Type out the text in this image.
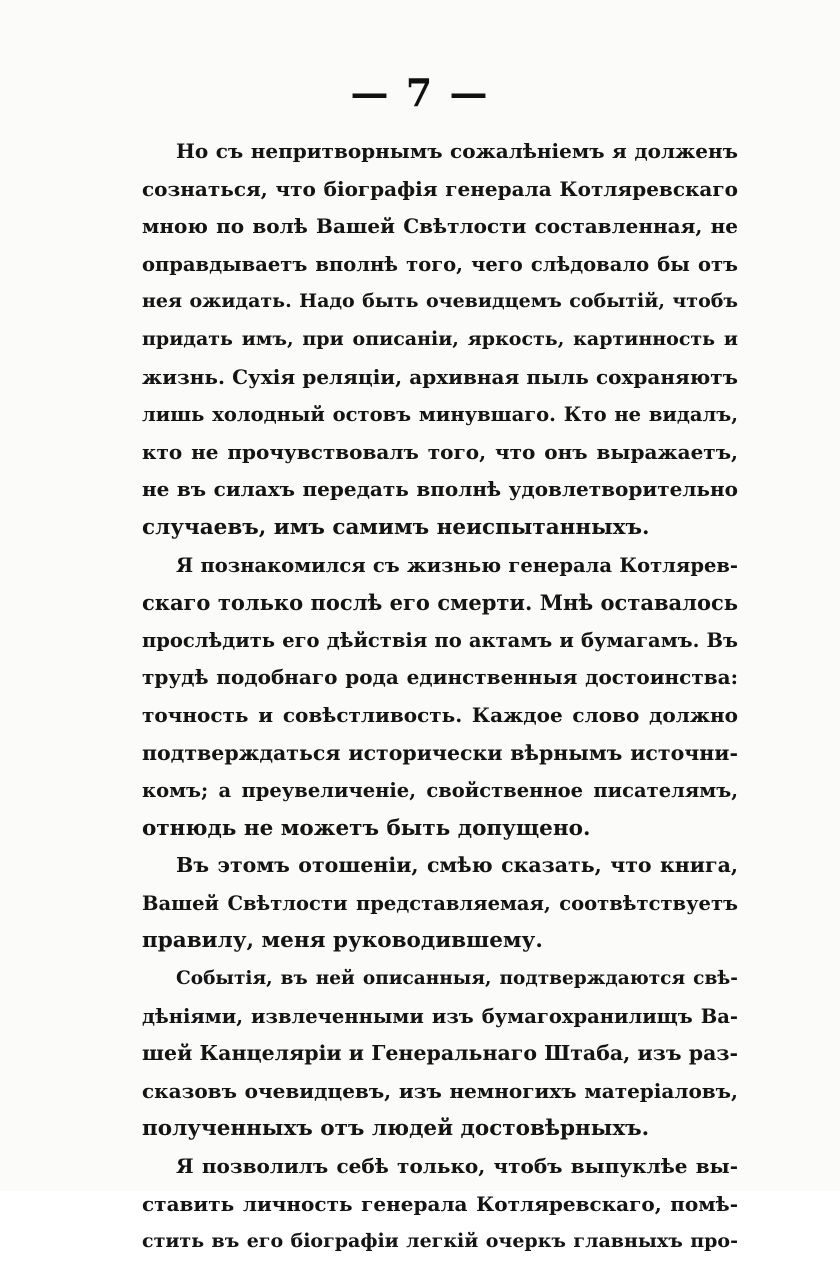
— 7 —
Но съ непритворнымъ сожалѣніемъ я долженъ
сознаться, что біографія генерала Котляревскаго
мною по волѣ Вашей Свѣтлости составленная, не
оправдываетъ вполнѣ того, чего слѣдовало бы отъ
нея ожидать. Надо быть очевидцемъ событій, чтобъ
придать имъ, при описаніи, яркость, картинность и
жизнь. Сухія реляціи, архивная пыль сохраняютъ
лишь холодный остовъ минувшаго. Кто не видалъ,
кто не прочувствовалъ того, что онъ выражаетъ,
не въ силахъ передать вполнѣ удовлетворительно
случаевъ, имъ самимъ неиспытанныхъ.
Я познакомился съ жизнью генерала Котлярев-
скаго только послѣ его смерти. Мнѣ оставалось
прослѣдить его дѣйствія по актамъ и бумагамъ. Въ
трудѣ подобнаго рода единственныя достоинства:
точность и совѣстливость. Каждое слово должно
подтверждаться исторически вѣрнымъ источни-
комъ; а преувеличеніе, свойственное писателямъ,
отнюдь не можетъ быть допущено.
Въ этомъ отошеніи, смѣю сказать, что книга,
Вашей Свѣтлости представляемая, соотвѣтствуетъ
правилу, меня руководившему.
Событія, въ ней описанныя, подтверждаются свѣ-
дѣніями, извлеченными изъ бумагохранилищъ Ва-
шей Канцеляріи и Генеральнаго Штаба, изъ раз-
сказовъ очевидцевъ, изъ немногихъ матеріаловъ,
полученныхъ отъ людей достовѣрныхъ.
Я позволилъ себѣ только, чтобъ выпуклѣе вы-
ставить личность генерала Котляревскаго, помѣ-
стить въ его біографіи легкій очеркъ главныхъ про-
